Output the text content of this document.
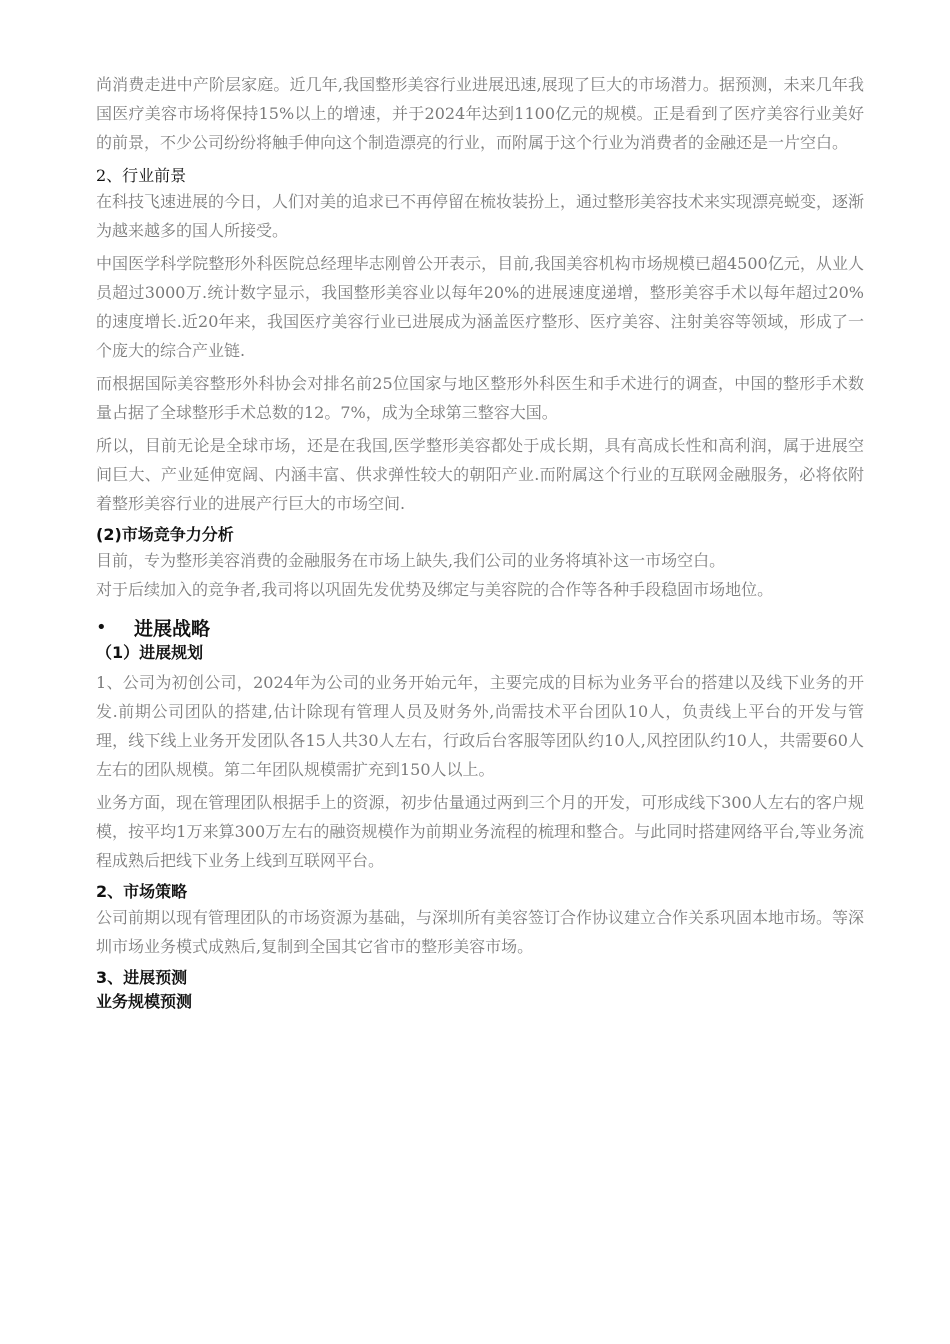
尚消费走进中产阶层家庭。近几年,我国整形美容行业进展迅速,展现了巨大的市场潜力。据预测，未来几年我国医疗美容市场将保持15%以上的增速，并于2024年达到1100亿元的规模。正是看到了医疗美容行业美好的前景，不少公司纷纷将触手伸向这个制造漂亮的行业，而附属于这个行业为消费者的金融还是一片空白。

2、行业前景

在科技飞速进展的今日，人们对美的追求已不再停留在梳妆装扮上，通过整形美容技术来实现漂亮蜕变，逐渐为越来越多的国人所接受。

中国医学科学院整形外科医院总经理毕志刚曾公开表示，目前,我国美容机构市场规模已超4500亿元，从业人员超过3000万.统计数字显示，我国整形美容业以每年20%的进展速度递增，整形美容手术以每年超过20%的速度增长.近20年来，我国医疗美容行业已进展成为涵盖医疗整形、医疗美容、注射美容等领域，形成了一个庞大的综合产业链.

而根据国际美容整形外科协会对排名前25位国家与地区整形外科医生和手术进行的调查，中国的整形手术数量占据了全球整形手术总数的12。7%，成为全球第三整容大国。

所以，目前无论是全球市场，还是在我国,医学整形美容都处于成长期，具有高成长性和高利润，属于进展空间巨大、产业延伸宽阔、内涵丰富、供求弹性较大的朝阳产业.而附属这个行业的互联网金融服务，必将依附着整形美容行业的进展产行巨大的市场空间.

(2)市场竞争力分析

目前，专为整形美容消费的金融服务在市场上缺失,我们公司的业务将填补这一市场空白。

对于后续加入的竞争者,我司将以巩固先发优势及绑定与美容院的合作等各种手段稳固市场地位。

•	进展战略
（1）进展规划

1、公司为初创公司，2024年为公司的业务开始元年，主要完成的目标为业务平台的搭建以及线下业务的开发.前期公司团队的搭建,估计除现有管理人员及财务外,尚需技术平台团队10人，负责线上平台的开发与管理，线下线上业务开发团队各15人共30人左右，行政后台客服等团队约10人,风控团队约10人，共需要60人左右的团队规模。第二年团队规模需扩充到150人以上。

业务方面，现在管理团队根据手上的资源，初步估量通过两到三个月的开发，可形成线下300人左右的客户规模，按平均1万来算300万左右的融资规模作为前期业务流程的梳理和整合。与此同时搭建网络平台,等业务流程成熟后把线下业务上线到互联网平台。

2、市场策略

公司前期以现有管理团队的市场资源为基础，与深圳所有美容签订合作协议建立合作关系巩固本地市场。等深圳市场业务模式成熟后,复制到全国其它省市的整形美容市场。

3、进展预测
业务规模预测
